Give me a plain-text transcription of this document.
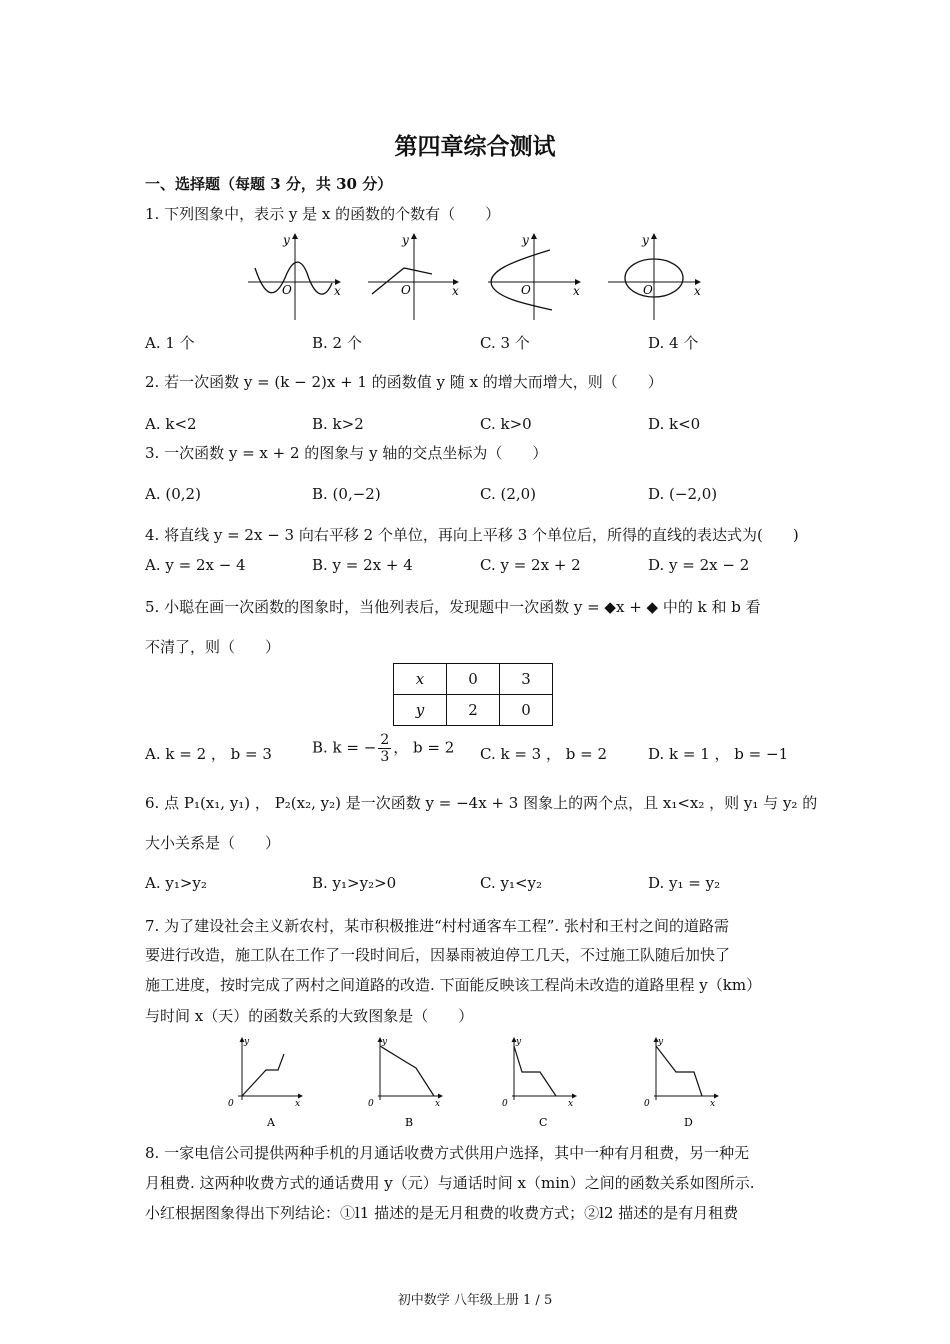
第四章综合测试
一、选择题（每题 3 分，共 30 分）
1. 下列图象中，表示 y 是 x 的函数的个数有（　　）
y
x
O
y
x
O
y
x
O
y
x
O
A. 1 个	B. 2 个	C. 3 个	D. 4 个
2. 若一次函数 y = (k − 2)x + 1 的函数值 y 随 x 的增大而增大，则（　　）
A. k<2	B. k>2	C. k>0	D. k<0
3. 一次函数 y = x + 2 的图象与 y 轴的交点坐标为（　　）
A. (0,2)	B. (0,−2)	C. (2,0)	D. (−2,0)
4. 将直线 y = 2x − 3 向右平移 2 个单位，再向上平移 3 个单位后，所得的直线的表达式为(　　)
A. y = 2x − 4	B. y = 2x + 4	C. y = 2x + 2	D. y = 2x − 2
5. 小聪在画一次函数的图象时，当他列表后，发现题中一次函数 y = ◆x + ◆ 中的 k 和 b 看
不清了，则（　　）
x	0	3
y	2	0
A. k = 2 ， b = 3	B. k = − $\frac{2}{3}$ ， b = 2 C. k = 3 ， b = 2	D. k = 1 ， b = −1
6. 点 P₁(x₁, y₁) ， P₂(x₂, y₂) 是一次函数 y = −4x + 3 图象上的两个点，且 x₁<x₂ ，则 y₁ 与 y₂ 的
大小关系是（　　）
A. y₁>y₂	B. y₁>y₂>0	C. y₁<y₂	D. y₁ = y₂
7. 为了建设社会主义新农村，某市积极推进“村村通客车工程”. 张村和王村之间的道路需
要进行改造，施工队在工作了一段时间后，因暴雨被迫停工几天，不过施工队随后加快了
施工进度，按时完成了两村之间道路的改造. 下面能反映该工程尚未改造的道路里程 y（km）
与时间 x（天）的函数关系的大致图象是（　　）
0
y
x
A
0
y
x
B
0
y
x
C
0
y
x
D
8. 一家电信公司提供两种手机的月通话收费方式供用户选择，其中一种有月租费，另一种无
月租费. 这两种收费方式的通话费用 y（元）与通话时间 x（min）之间的函数关系如图所示.
小红根据图象得出下列结论：①l1 描述的是无月租费的收费方式；②l2 描述的是有月租费
初中数学 八年级上册 1 / 5
